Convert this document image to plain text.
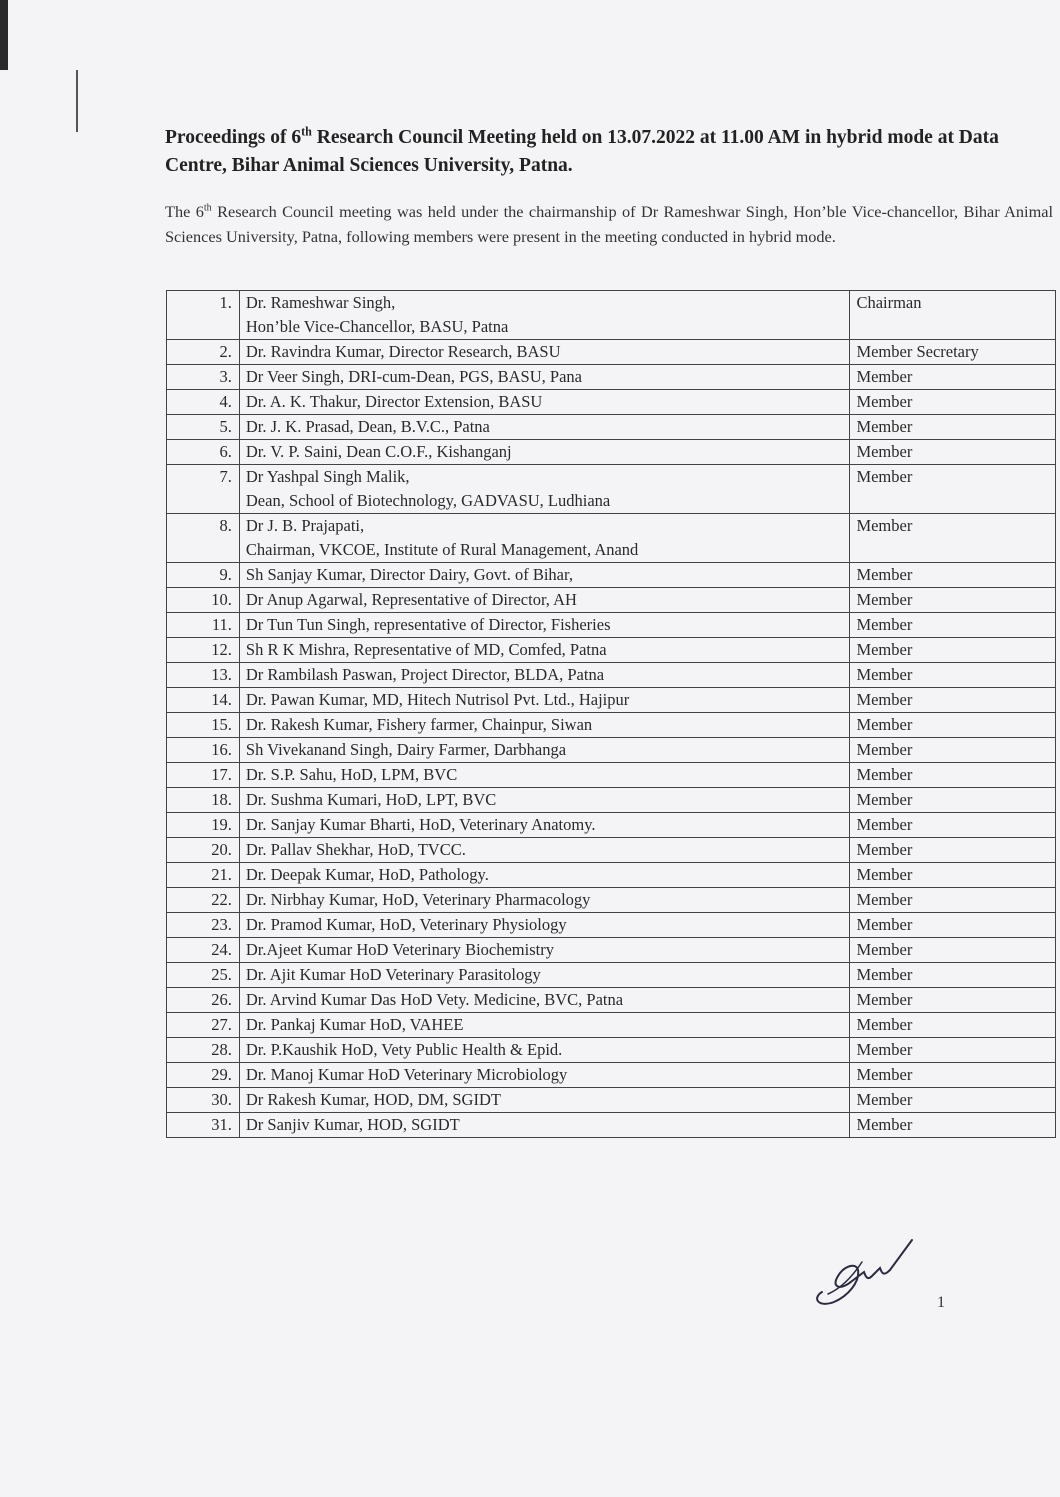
Proceedings of 6th Research Council Meeting held on 13.07.2022 at 11.00 AM in hybrid mode at Data Centre, Bihar Animal Sciences University, Patna.
The 6th Research Council meeting was held under the chairmanship of Dr Rameshwar Singh, Hon’ble Vice-chancellor, Bihar Animal Sciences University, Patna, following members were present in the meeting conducted in hybrid mode.
1.	Dr. Rameshwar Singh,
Hon’ble Vice-Chancellor, BASU, Patna	Chairman
2.	Dr. Ravindra Kumar, Director Research, BASU	Member Secretary
3.	Dr Veer Singh, DRI-cum-Dean, PGS, BASU, Pana	Member
4.	Dr. A. K. Thakur, Director Extension, BASU	Member
5.	Dr. J. K. Prasad, Dean, B.V.C., Patna	Member
6.	Dr. V. P. Saini, Dean C.O.F., Kishanganj	Member
7.	Dr Yashpal Singh Malik,
Dean, School of Biotechnology, GADVASU, Ludhiana	Member
8.	Dr J. B. Prajapati,
Chairman, VKCOE, Institute of Rural Management, Anand	Member
9.	Sh Sanjay Kumar, Director Dairy, Govt. of Bihar,	Member
10.	Dr Anup Agarwal, Representative of Director, AH	Member
11.	Dr Tun Tun Singh, representative of Director, Fisheries	Member
12.	Sh R K Mishra, Representative of MD, Comfed, Patna	Member
13.	Dr Rambilash Paswan, Project Director, BLDA, Patna	Member
14.	Dr. Pawan Kumar, MD, Hitech Nutrisol Pvt. Ltd., Hajipur	Member
15.	Dr. Rakesh Kumar, Fishery farmer, Chainpur, Siwan	Member
16.	Sh Vivekanand Singh, Dairy Farmer, Darbhanga	Member
17.	Dr. S.P. Sahu, HoD, LPM, BVC	Member
18.	Dr. Sushma Kumari, HoD, LPT, BVC	Member
19.	Dr. Sanjay Kumar Bharti, HoD, Veterinary Anatomy.	Member
20.	Dr. Pallav Shekhar, HoD, TVCC.	Member
21.	Dr. Deepak Kumar, HoD, Pathology.	Member
22.	Dr. Nirbhay Kumar, HoD, Veterinary Pharmacology	Member
23.	Dr. Pramod Kumar, HoD, Veterinary Physiology	Member
24.	Dr.Ajeet Kumar HoD Veterinary Biochemistry	Member
25.	Dr. Ajit Kumar HoD Veterinary Parasitology	Member
26.	Dr. Arvind Kumar Das HoD Vety. Medicine, BVC, Patna	Member
27.	Dr. Pankaj Kumar HoD, VAHEE	Member
28.	Dr. P.Kaushik HoD, Vety Public Health & Epid.	Member
29.	Dr. Manoj Kumar HoD Veterinary Microbiology	Member
30.	Dr Rakesh Kumar, HOD, DM, SGIDT	Member
31.	Dr Sanjiv Kumar, HOD, SGIDT	Member
1
